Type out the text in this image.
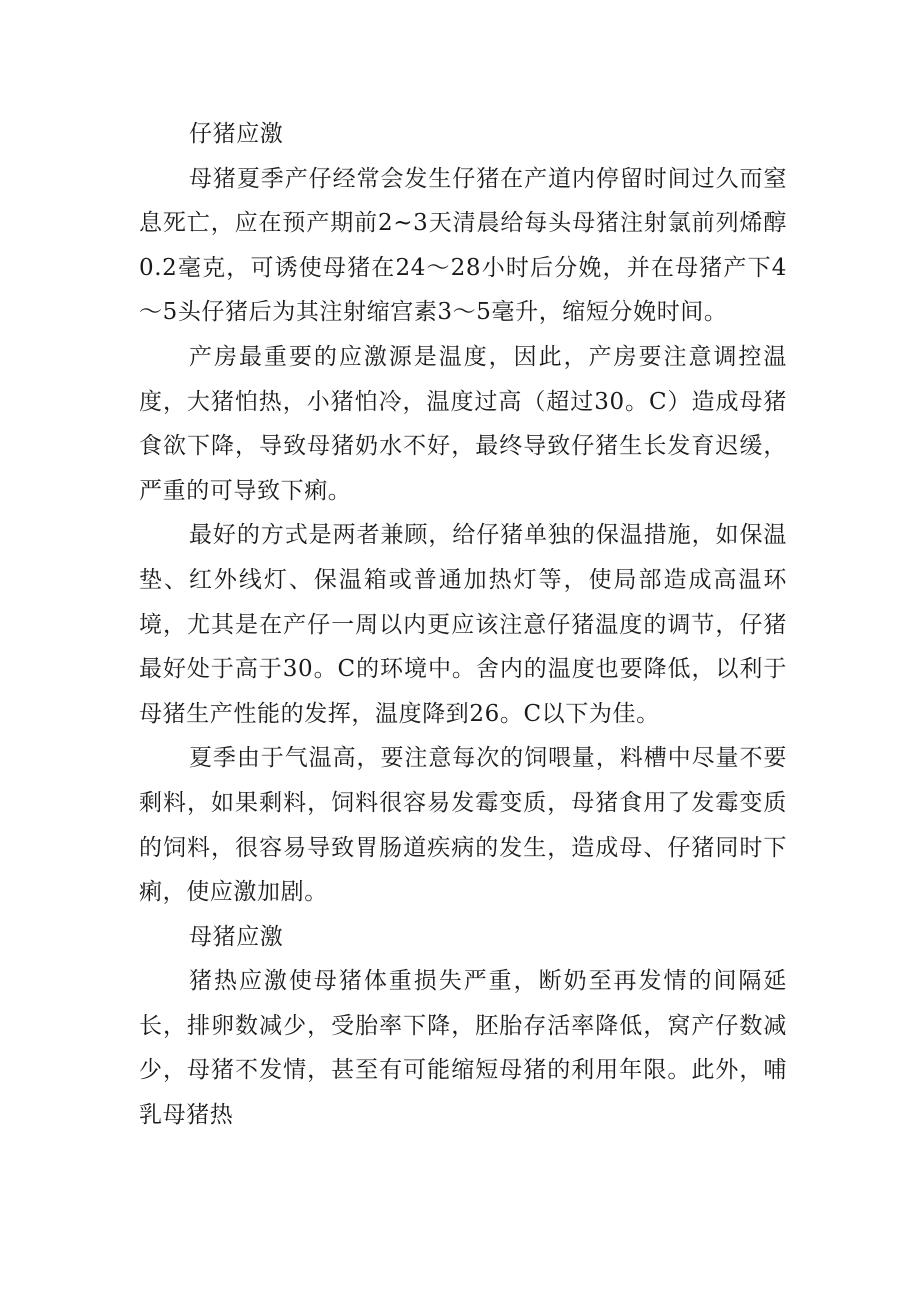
仔猪应激

母猪夏季产仔经常会发生仔猪在产道内停留时间过久而窒息死亡，应在预产期前2~3天清晨给每头母猪注射氯前列烯醇0.2毫克，可诱使母猪在24～28小时后分娩，并在母猪产下4～5头仔猪后为其注射缩宫素3～5毫升，缩短分娩时间。

产房最重要的应激源是温度，因此，产房要注意调控温度，大猪怕热，小猪怕冷，温度过高（超过30。C）造成母猪食欲下降，导致母猪奶水不好，最终导致仔猪生长发育迟缓，严重的可导致下痢。

最好的方式是两者兼顾，给仔猪单独的保温措施，如保温垫、红外线灯、保温箱或普通加热灯等，使局部造成高温环境，尤其是在产仔一周以内更应该注意仔猪温度的调节，仔猪最好处于高于30。C的环境中。舍内的温度也要降低，以利于母猪生产性能的发挥，温度降到26。C以下为佳。

夏季由于气温高，要注意每次的饲喂量，料槽中尽量不要剩料，如果剩料，饲料很容易发霉变质，母猪食用了发霉变质的饲料，很容易导致胃肠道疾病的发生，造成母、仔猪同时下痢，使应激加剧。

母猪应激

猪热应激使母猪体重损失严重，断奶至再发情的间隔延长，排卵数减少，受胎率下降，胚胎存活率降低，窝产仔数减少，母猪不发情，甚至有可能缩短母猪的利用年限。此外，哺乳母猪热
